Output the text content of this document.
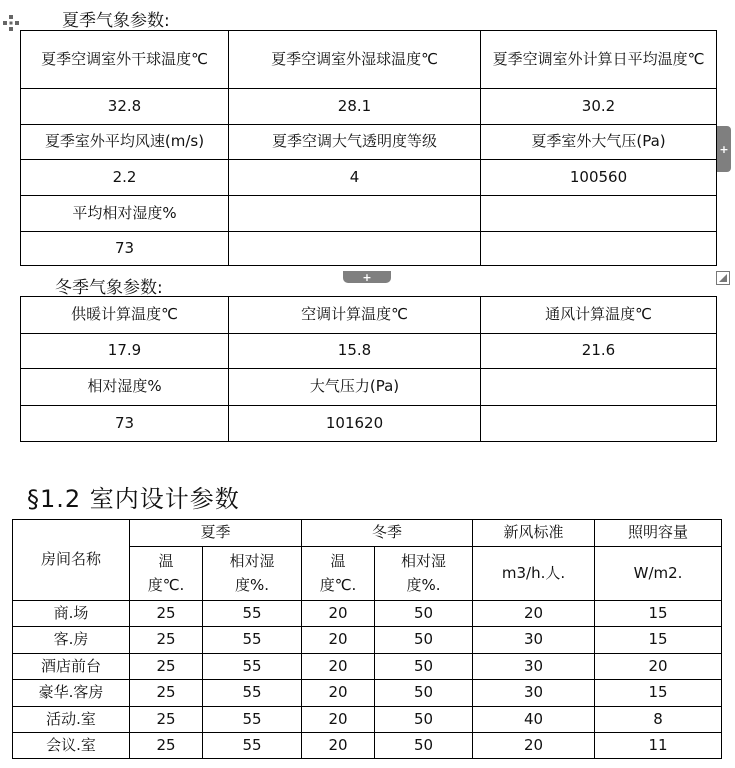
夏季气象参数:
夏季空调室外干球温度℃	夏季空调室外湿球温度℃	夏季空调室外计算日平均温度℃
32.8	28.1	30.2
夏季室外平均风速(m/s)	夏季空调大气透明度等级	夏季室外大气压(Pa)
2.2	4	100560
平均相对湿度%		
73		
+
+
冬季气象参数:
供暖计算温度℃	空调计算温度℃	通风计算温度℃
17.9	15.8	21.6
相对湿度%	大气压力(Pa)	
73	101620	
§1.2 室内设计参数
房间名称	夏季		冬季		新风标准	照明容量
	温度℃.	相对湿度%.	温度℃.	相对湿度%.	m3/h.人.	W/m2.
商.场	25	55	20	50	20	15
客.房	25	55	20	50	30	15
酒店前台	25	55	20	50	30	20
豪华.客房	25	55	20	50	30	15
活动.室	25	55	20	50	40	8
会议.室	25	55	20	50	20	11
